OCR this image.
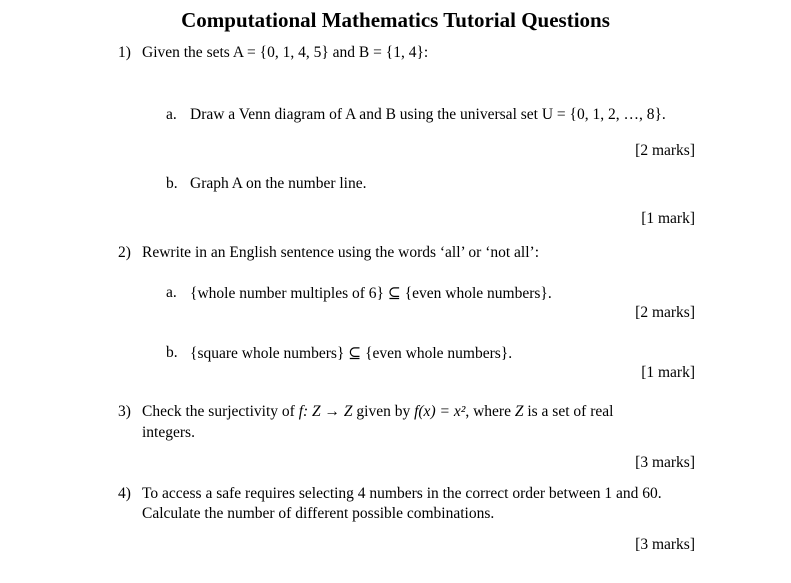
Computational Mathematics Tutorial Questions
1) Given the sets A = {0, 1, 4, 5} and B = {1, 4}:
a. Draw a Venn diagram of A and B using the universal set U = {0, 1, 2, …, 8}.
[2 marks]
b. Graph A on the number line.
[1 mark]
2) Rewrite in an English sentence using the words ‘all’ or ‘not all’:
a. {whole number multiples of 6} ⊆ {even whole numbers}.
[2 marks]
b. {square whole numbers} ⊆ {even whole numbers}.
[1 mark]
3) Check the surjectivity of f: Z → Z given by f(x) = x², where Z is a set of real
integers.
[3 marks]
4) To access a safe requires selecting 4 numbers in the correct order between 1 and 60.
Calculate the number of different possible combinations.
[3 marks]
